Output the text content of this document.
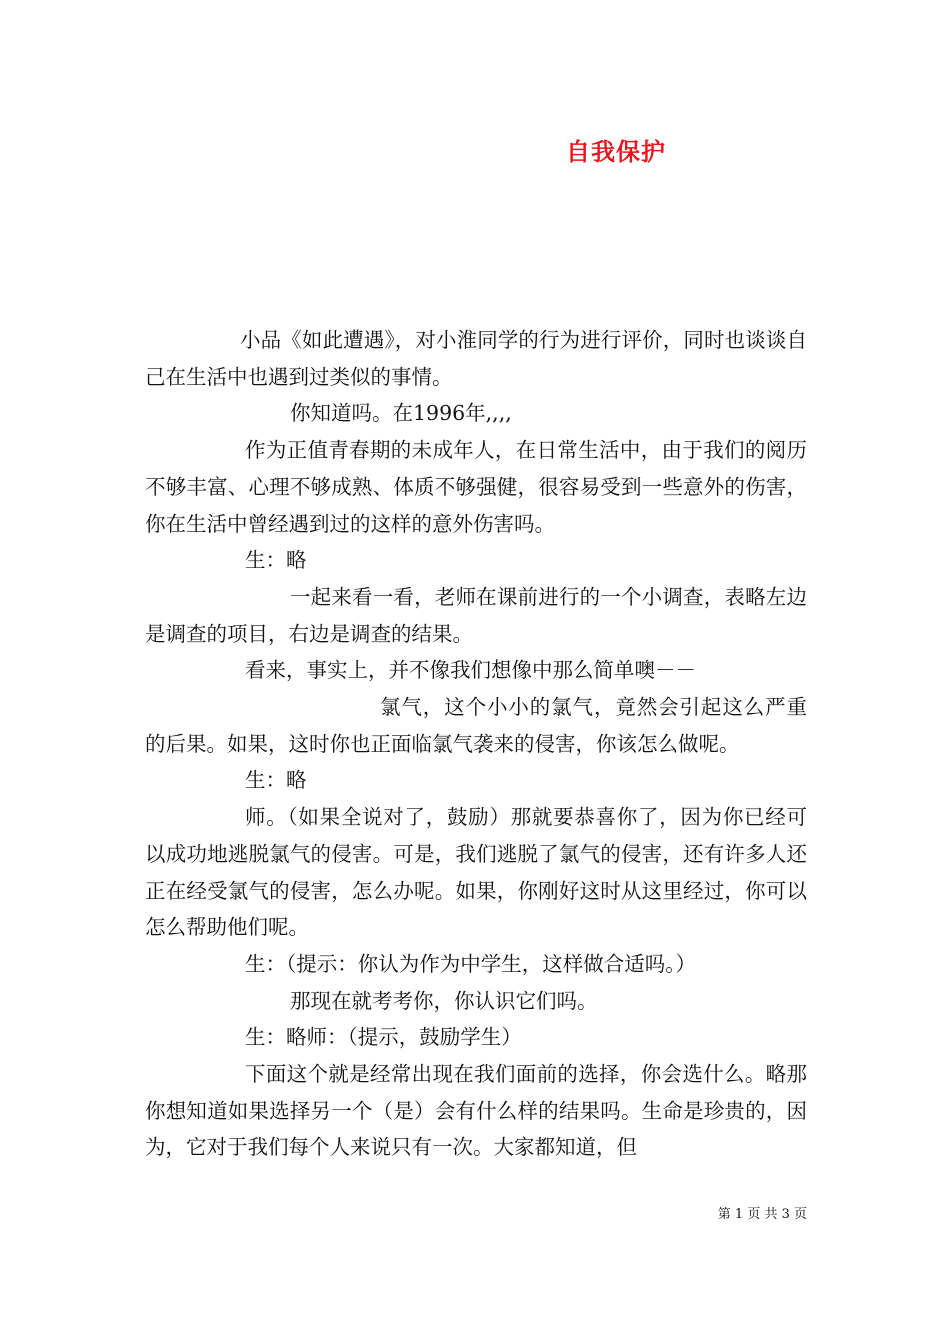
自我保护

小品《如此遭遇》，对小淮同学的行为进行评价，同时也谈谈自己在生活中也遇到过类似的事情。

你知道吗。在1996年,,,,

作为正值青春期的未成年人，在日常生活中，由于我们的阅历不够丰富、心理不够成熟、体质不够强健，很容易受到一些意外的伤害，你在生活中曾经遇到过的这样的意外伤害吗。

生：略

一起来看一看，老师在课前进行的一个小调查，表略左边是调查的项目，右边是调查的结果。

看来，事实上，并不像我们想像中那么简单噢－－

氯气，这个小小的氯气，竟然会引起这么严重的后果。如果，这时你也正面临氯气袭来的侵害，你该怎么做呢。

生：略

师。（如果全说对了，鼓励）那就要恭喜你了，因为你已经可以成功地逃脱氯气的侵害。可是，我们逃脱了氯气的侵害，还有许多人还正在经受氯气的侵害，怎么办呢。如果，你刚好这时从这里经过，你可以怎么帮助他们呢。

生：（提示：你认为作为中学生，这样做合适吗。）

那现在就考考你，你认识它们吗。

生：略师：（提示，鼓励学生）

下面这个就是经常出现在我们面前的选择，你会选什么。略那你想知道如果选择另一个（是）会有什么样的结果吗。生命是珍贵的，因为，它对于我们每个人来说只有一次。大家都知道，但

第 1 页 共 3 页
